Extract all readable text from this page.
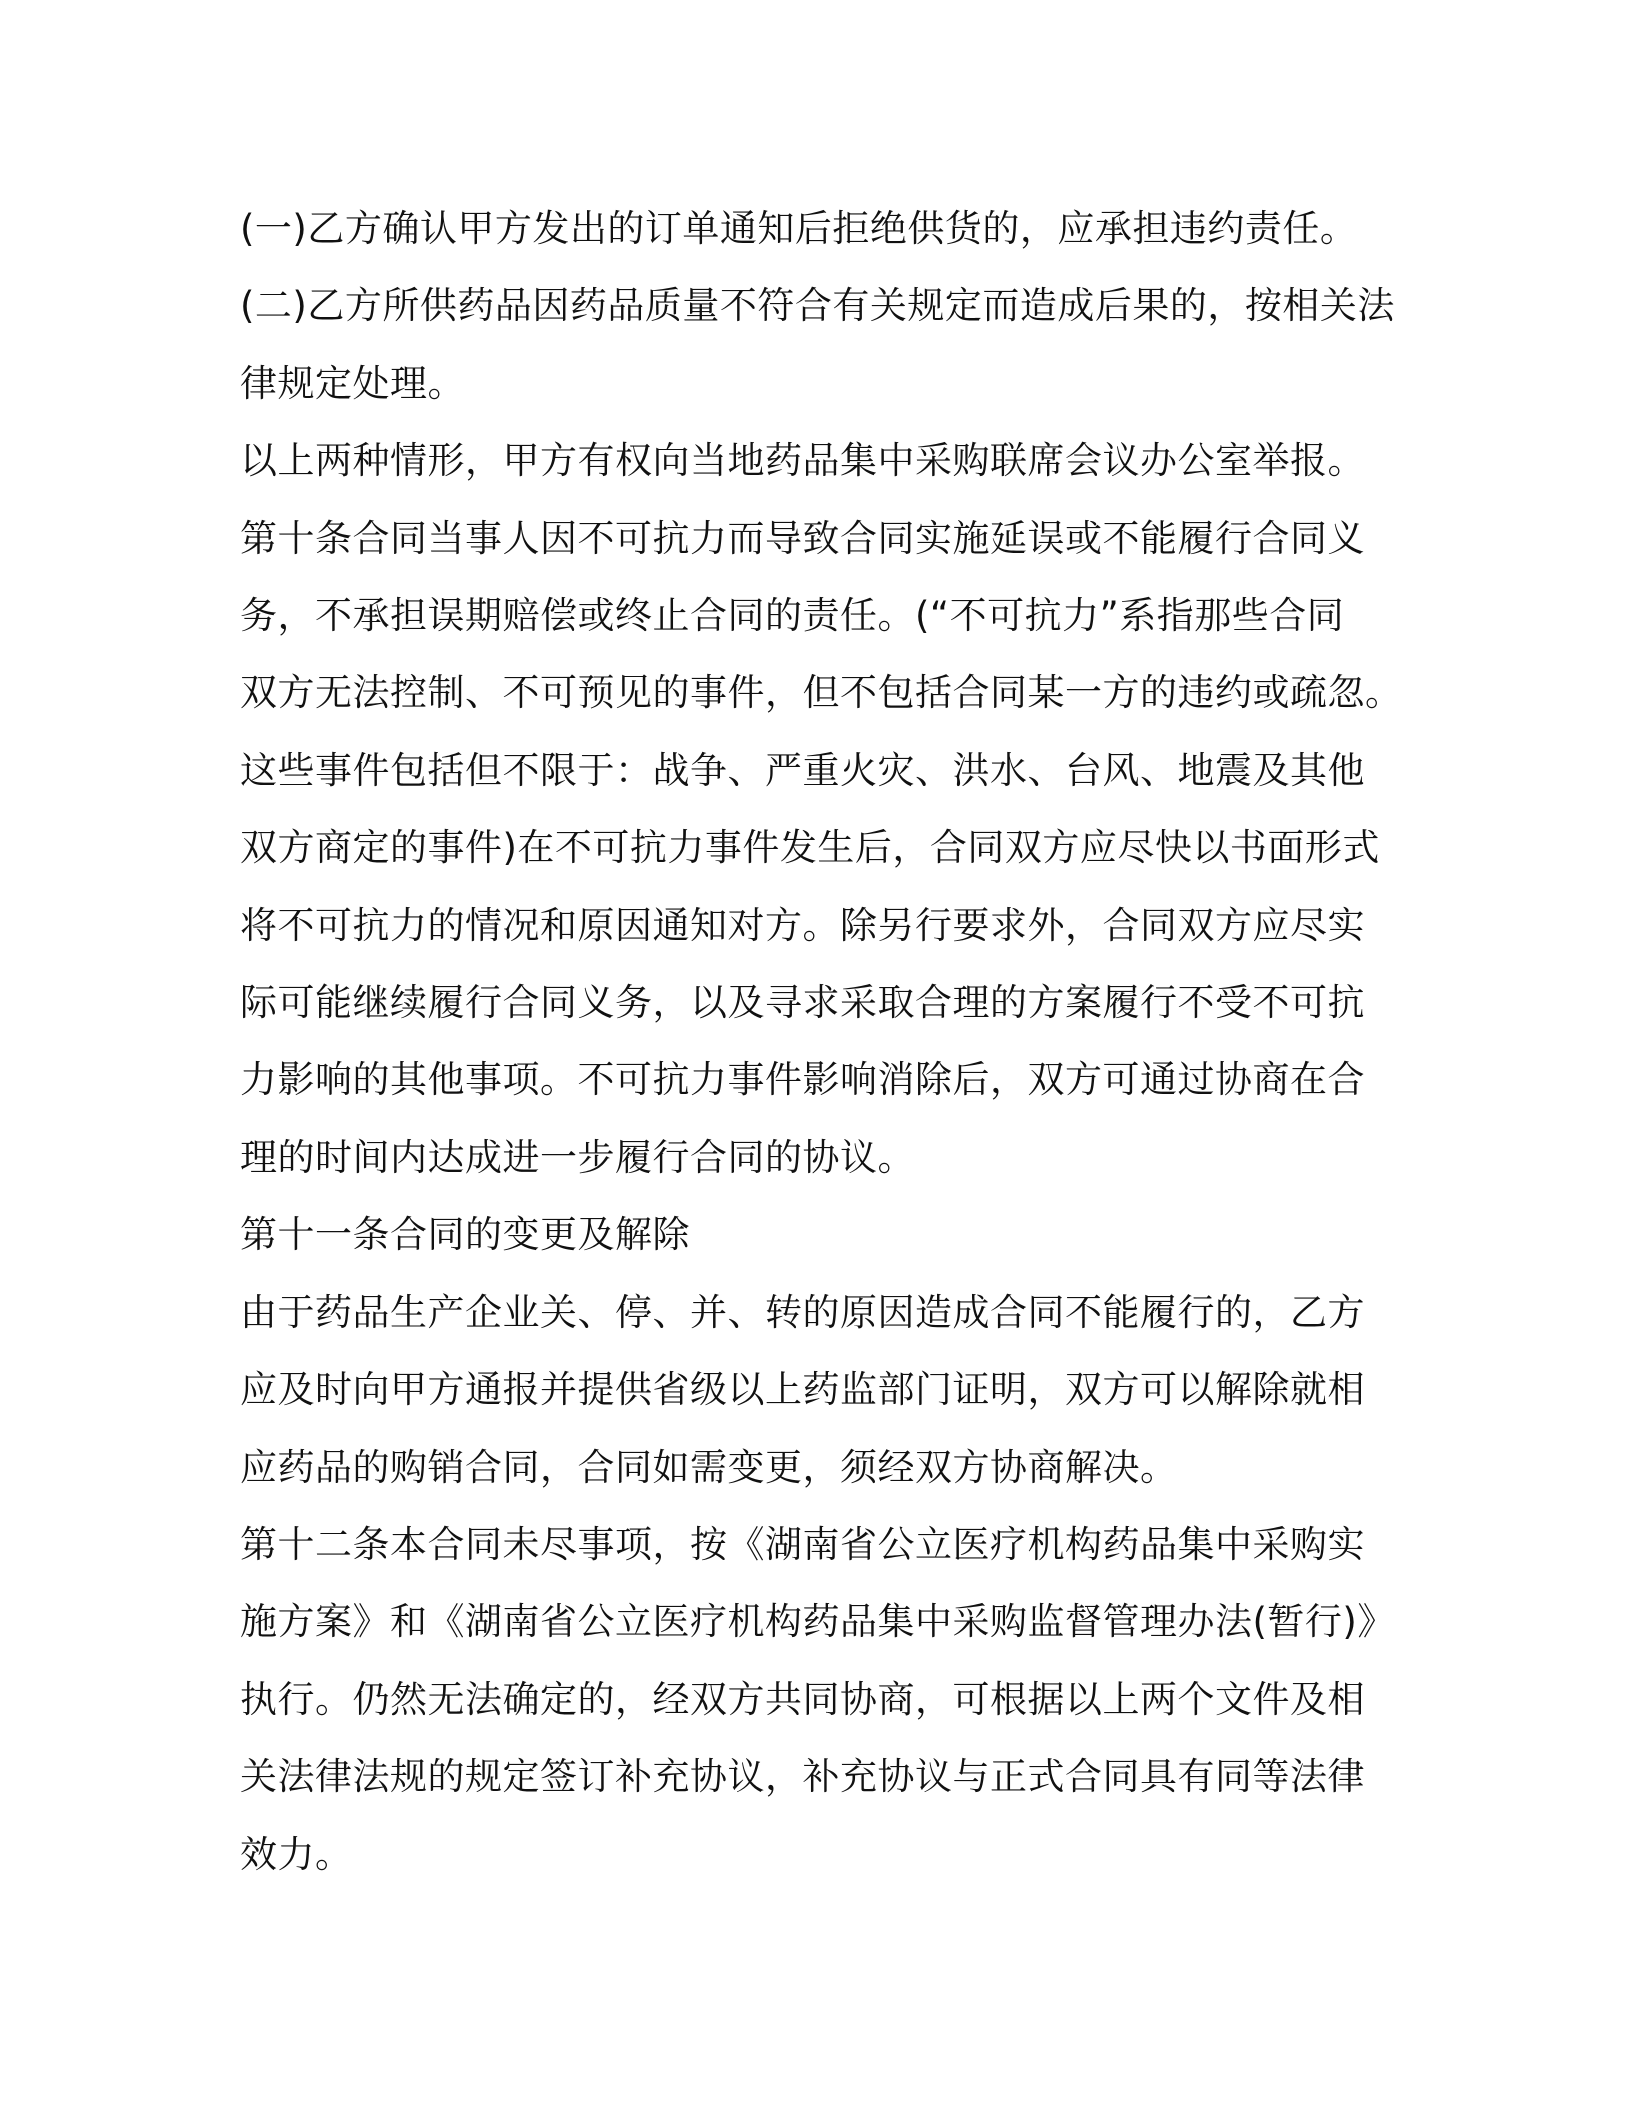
(一)乙方确认甲方发出的订单通知后拒绝供货的，应承担违约责任。

(二)乙方所供药品因药品质量不符合有关规定而造成后果的，按相关法

律规定处理。

以上两种情形，甲方有权向当地药品集中采购联席会议办公室举报。

第十条合同当事人因不可抗力而导致合同实施延误或不能履行合同义

务，不承担误期赔偿或终止合同的责任。(“不可抗力”系指那些合同

双方无法控制、不可预见的事件，但不包括合同某一方的违约或疏忽。

这些事件包括但不限于：战争、严重火灾、洪水、台风、地震及其他

双方商定的事件)在不可抗力事件发生后，合同双方应尽快以书面形式

将不可抗力的情况和原因通知对方。除另行要求外，合同双方应尽实

际可能继续履行合同义务，以及寻求采取合理的方案履行不受不可抗

力影响的其他事项。不可抗力事件影响消除后，双方可通过协商在合

理的时间内达成进一步履行合同的协议。

第十一条合同的变更及解除

由于药品生产企业关、停、并、转的原因造成合同不能履行的，乙方

应及时向甲方通报并提供省级以上药监部门证明，双方可以解除就相

应药品的购销合同，合同如需变更，须经双方协商解决。

第十二条本合同未尽事项，按《湖南省公立医疗机构药品集中采购实

施方案》和《湖南省公立医疗机构药品集中采购监督管理办法(暂行)》

执行。仍然无法确定的，经双方共同协商，可根据以上两个文件及相

关法律法规的规定签订补充协议，补充协议与正式合同具有同等法律

效力。
